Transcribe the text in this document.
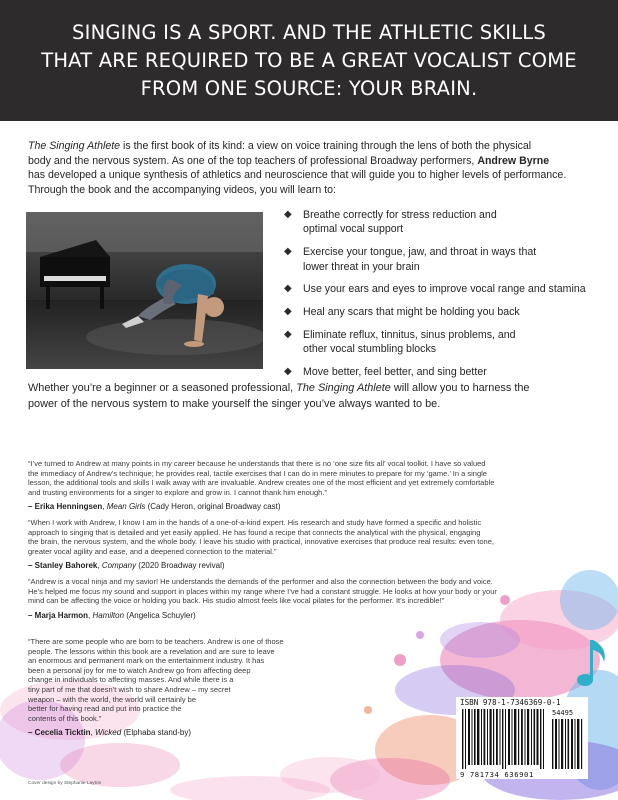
SINGING IS A SPORT. AND THE ATHLETIC SKILLS
THAT ARE REQUIRED TO BE A GREAT VOCALIST COME
FROM ONE SOURCE: YOUR BRAIN.
The Singing Athlete is the first book of its kind: a view on voice training through the lens of both the physical
body and the nervous system. As one of the top teachers of professional Broadway performers, Andrew Byrne
has developed a unique synthesis of athletics and neuroscience that will guide you to higher levels of performance.
Through the book and the accompanying videos, you will learn to:
◆ Breathe correctly for stress reduction and
optimal vocal support
◆ Exercise your tongue, jaw, and throat in ways that
lower threat in your brain
◆ Use your ears and eyes to improve vocal range and stamina
◆ Heal any scars that might be holding you back
◆ Eliminate reflux, tinnitus, sinus problems, and
other vocal stumbling blocks
◆ Move better, feel better, and sing better
Whether you’re a beginner or a seasoned professional, The Singing Athlete will allow you to harness the
power of the nervous system to make yourself the singer you’ve always wanted to be.
“I’ve turned to Andrew at many points in my career because he understands that there is no ‘one size fits all’ vocal toolkit. I have so valued
the immediacy of Andrew’s technique; he provides real, tactile exercises that I can do in mere minutes to prepare for my ‘game.’ In a single
lesson, the additional tools and skills I walk away with are invaluable. Andrew creates one of the most efficient and yet extremely comfortable
and trusting environments for a singer to explore and grow in. I cannot thank him enough.”
– Erika Henningsen, Mean Girls (Cady Heron, original Broadway cast)
“When I work with Andrew, I know I am in the hands of a one-of-a-kind expert. His research and study have formed a specific and holistic
approach to singing that is detailed and yet easily applied. He has found a recipe that connects the analytical with the physical, engaging
the brain, the nervous system, and the whole body. I leave his studio with practical, innovative exercises that produce real results: even tone,
greater vocal agility and ease, and a deepened connection to the material.”
– Stanley Bahorek, Company (2020 Broadway revival)
“Andrew is a vocal ninja and my savior! He understands the demands of the performer and also the connection between the body and voice.
He’s helped me focus my sound and support in places within my range where I’ve had a constant struggle. He looks at how your body or your
mind can be affecting the voice or holding you back. His studio almost feels like vocal pilates for the performer. It’s incredible!”
– Marja Harmon, Hamilton (Angelica Schuyler)
“There are some people who are born to be teachers. Andrew is one of those
people. The lessons within this book are a revelation and are sure to leave
an enormous and permanent mark on the entertainment industry. It has
been a personal joy for me to watch Andrew go from affecting deep
change in individuals to affecting masses. And while there is a
tiny part of me that doesn’t wish to share Andrew – my secret
weapon – with the world, the world will certainly be
better for having read and put into practice the
contents of this book.”
– Cecelia Ticktin, Wicked (Elphaba stand-by)
ISBN 978-1-7346369-0-1
54495
9 781734 636901
Cover design by Stephanie Layton
